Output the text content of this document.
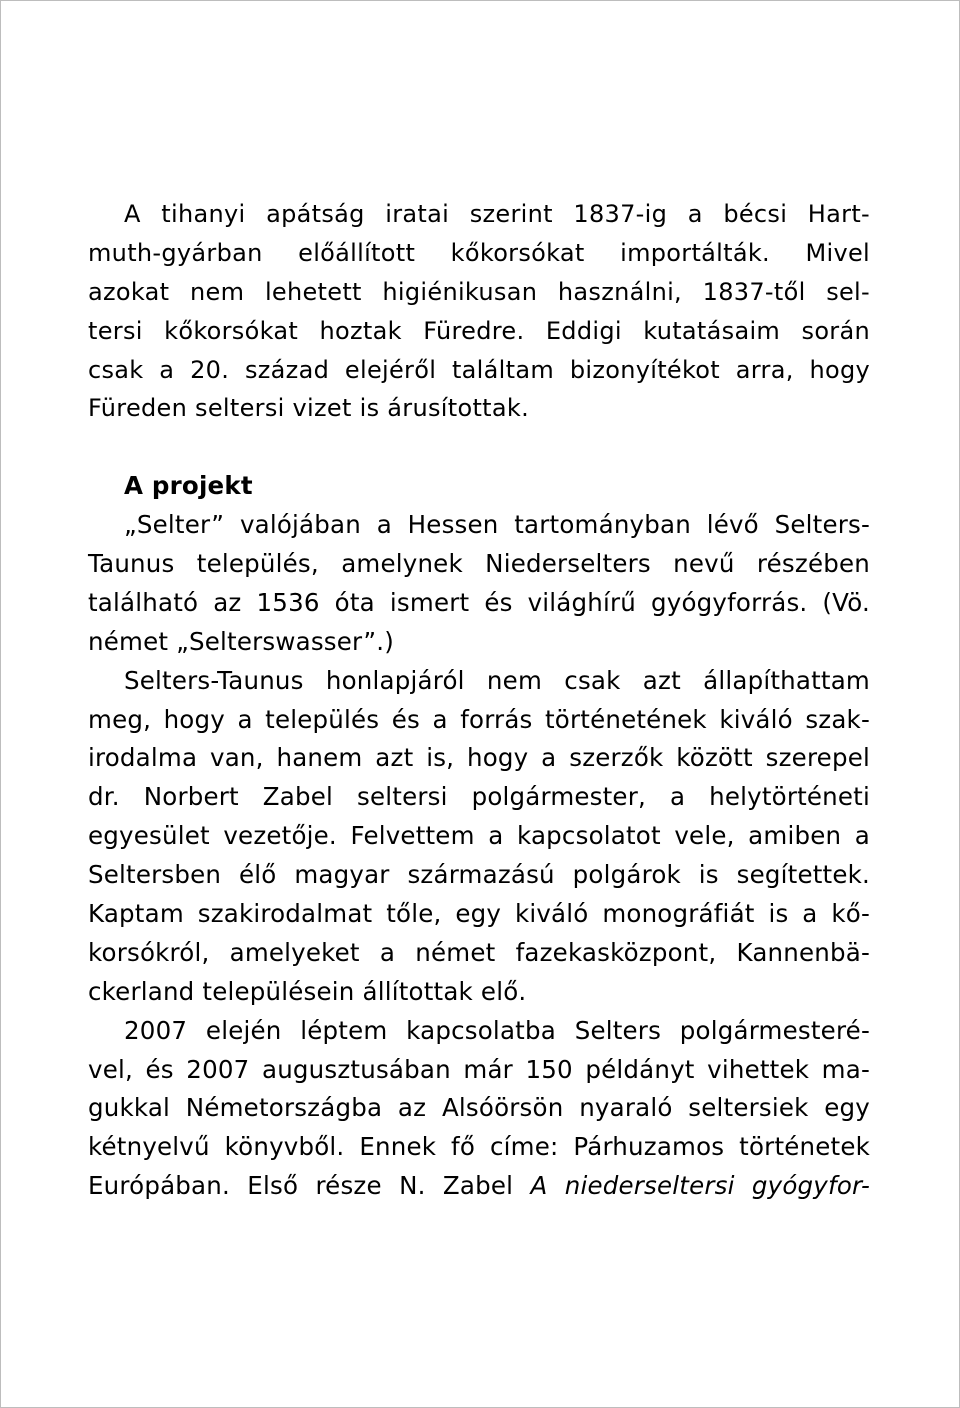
A tihanyi apátság iratai szerint 1837-ig a bécsi Hart-
muth-gyárban előállított kőkorsókat importálták. Mivel
azokat nem lehetett higiénikusan használni, 1837-től sel-
tersi kőkorsókat hoztak Füredre. Eddigi kutatásaim során
csak a 20. század elejéről találtam bizonyítékot arra, hogy
Füreden seltersi vizet is árusítottak.
A projekt
„Selter” valójában a Hessen tartományban lévő Selters-
Taunus település, amelynek Niederselters nevű részében
található az 1536 óta ismert és világhírű gyógyforrás. (Vö.
német „Selterswasser”.)
Selters-Taunus honlapjáról nem csak azt állapíthattam
meg, hogy a település és a forrás történetének kiváló szak-
irodalma van, hanem azt is, hogy a szerzők között szerepel
dr. Norbert Zabel seltersi polgármester, a helytörténeti
egyesület vezetője. Felvettem a kapcsolatot vele, amiben a
Seltersben élő magyar származású polgárok is segítettek.
Kaptam szakirodalmat tőle, egy kiváló monográfiát is a kő-
korsókról, amelyeket a német fazekasközpont, Kannenbä-
ckerland településein állítottak elő.
2007 elején léptem kapcsolatba Selters polgármesteré-
vel, és 2007 augusztusában már 150 példányt vihettek ma-
gukkal Németországba az Alsóörsön nyaraló seltersiek egy
kétnyelvű könyvből. Ennek fő címe: Párhuzamos történetek
Európában. Első része N. Zabel A niederseltersi gyógyfor-
